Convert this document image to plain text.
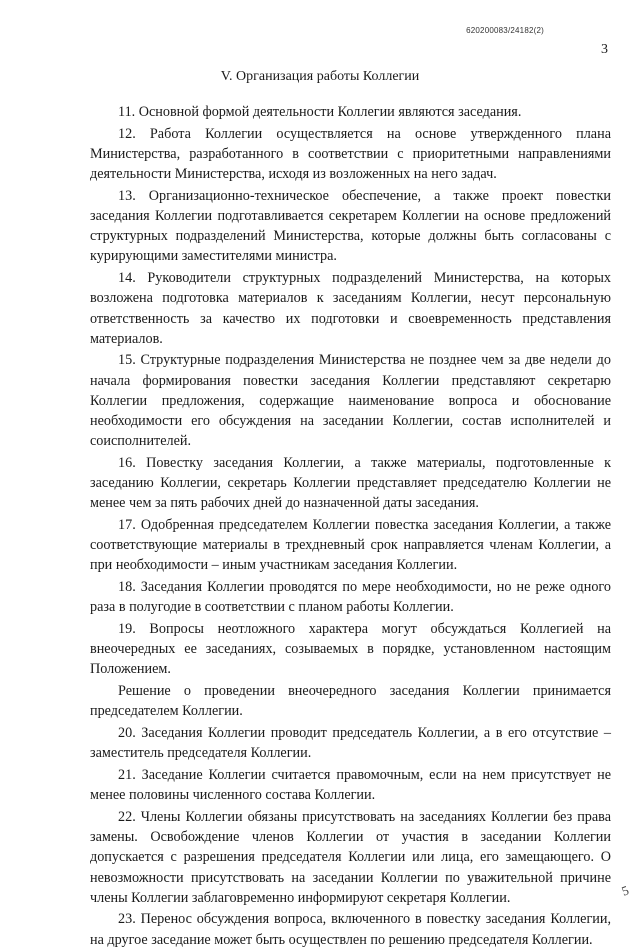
620200083/24182(2)
3
V. Организация работы Коллегии

11. Основной формой деятельности Коллегии являются заседания.

12. Работа Коллегии осуществляется на основе утвержденного плана Министерства, разработанного в соответствии с приоритетными направлениями деятельности Министерства, исходя из возложенных на него задач.

13. Организационно-техническое обеспечение, а также проект повестки заседания Коллегии подготавливается секретарем Коллегии на основе предложений структурных подразделений Министерства, которые должны быть согласованы с курирующими заместителями министра.

14. Руководители структурных подразделений Министерства, на которых возложена подготовка материалов к заседаниям Коллегии, несут персональную ответственность за качество их подготовки и своевременность представления материалов.

15. Структурные подразделения Министерства не позднее чем за две недели до начала формирования повестки заседания Коллегии представляют секретарю Коллегии предложения, содержащие наименование вопроса и обоснование необходимости его обсуждения на заседании Коллегии, состав исполнителей и соисполнителей.

16. Повестку заседания Коллегии, а также материалы, подготовленные к заседанию Коллегии, секретарь Коллегии представляет председателю Коллегии не менее чем за пять рабочих дней до назначенной даты заседания.

17. Одобренная председателем Коллегии повестка заседания Коллегии, а также соответствующие материалы в трехдневный срок направляется членам Коллегии, а при необходимости – иным участникам заседания Коллегии.

18. Заседания Коллегии проводятся по мере необходимости, но не реже одного раза в полугодие в соответствии с планом работы Коллегии.

19. Вопросы неотложного характера могут обсуждаться Коллегией на внеочередных ее заседаниях, созываемых в порядке, установленном настоящим Положением.

Решение о проведении внеочередного заседания Коллегии принимается председателем Коллегии.

20. Заседания Коллегии проводит председатель Коллегии, а в его отсутствие – заместитель председателя Коллегии.

21. Заседание Коллегии считается правомочным, если на нем присутствует не менее половины численного состава Коллегии.

22. Члены Коллегии обязаны присутствовать на заседаниях Коллегии без права замены. Освобождение членов Коллегии от участия в заседании Коллегии допускается с разрешения председателя Коллегии или лица, его замещающего. О невозможности присутствовать на заседании Коллегии по уважительной причине члены Коллегии заблаговременно информируют секретаря Коллегии.

23. Перенос обсуждения вопроса, включенного в повестку заседания Коллегии, на другое заседание может быть осуществлен по решению председателя Коллегии.

5
